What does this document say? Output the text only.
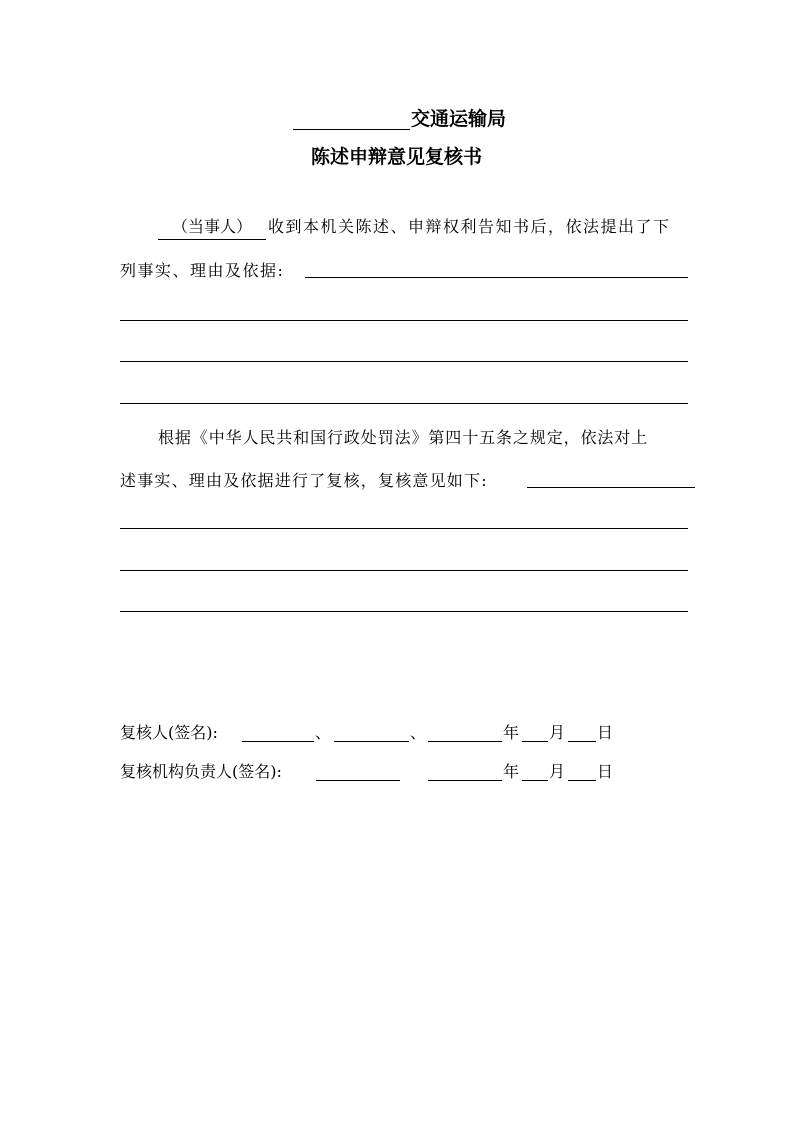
交通运输局
陈述申辩意见复核书
（当事人）	收到本机关陈述、申辩权利告知书后，依法提出了下
列事实、理由及依据:
根据《中华人民共和国行政处罚法》第四十五条之规定，依法对上
述事实、理由及依据进行了复核，复核意见如下:
复核人(签名):	、	、	年 月 日
复核机构负责人(签名):	年 月 日
